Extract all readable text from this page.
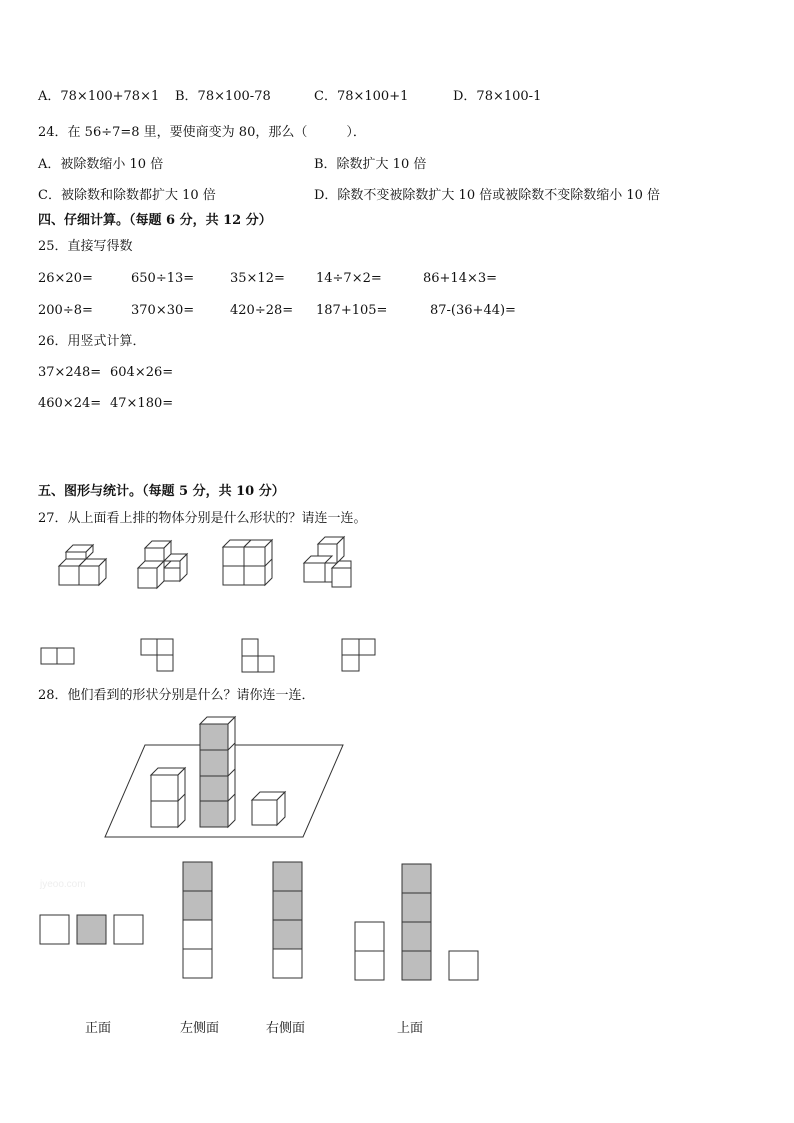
A．78×100+78×1 B．78×100-78	C．78×100+1	D．78×100-1
24．在 56÷7=8 里，要使商变为 80，那么（　　　）．
A．被除数缩小 10 倍	B．除数扩大 10 倍
C．被除数和除数都扩大 10 倍	D．除数不变被除数扩大 10 倍或被除数不变除数缩小 10 倍
四、仔细计算。（每题 6 分，共 12 分）
25．直接写得数
26×20=	650÷13=	35×12= 14÷7×2=	86+14×3=
200÷8=	370×30=	420÷28= 187+105=	87-(36+44)=
26．用竖式计算．
37×248= 604×26=
460×24= 47×180=
五、图形与统计。（每题 5 分，共 10 分）
27．从上面看上排的物体分别是什么形状的？请连一连。
28．他们看到的形状分别是什么？请你连一连．
jyeoo.com
正面	左侧面	右侧面	上面
